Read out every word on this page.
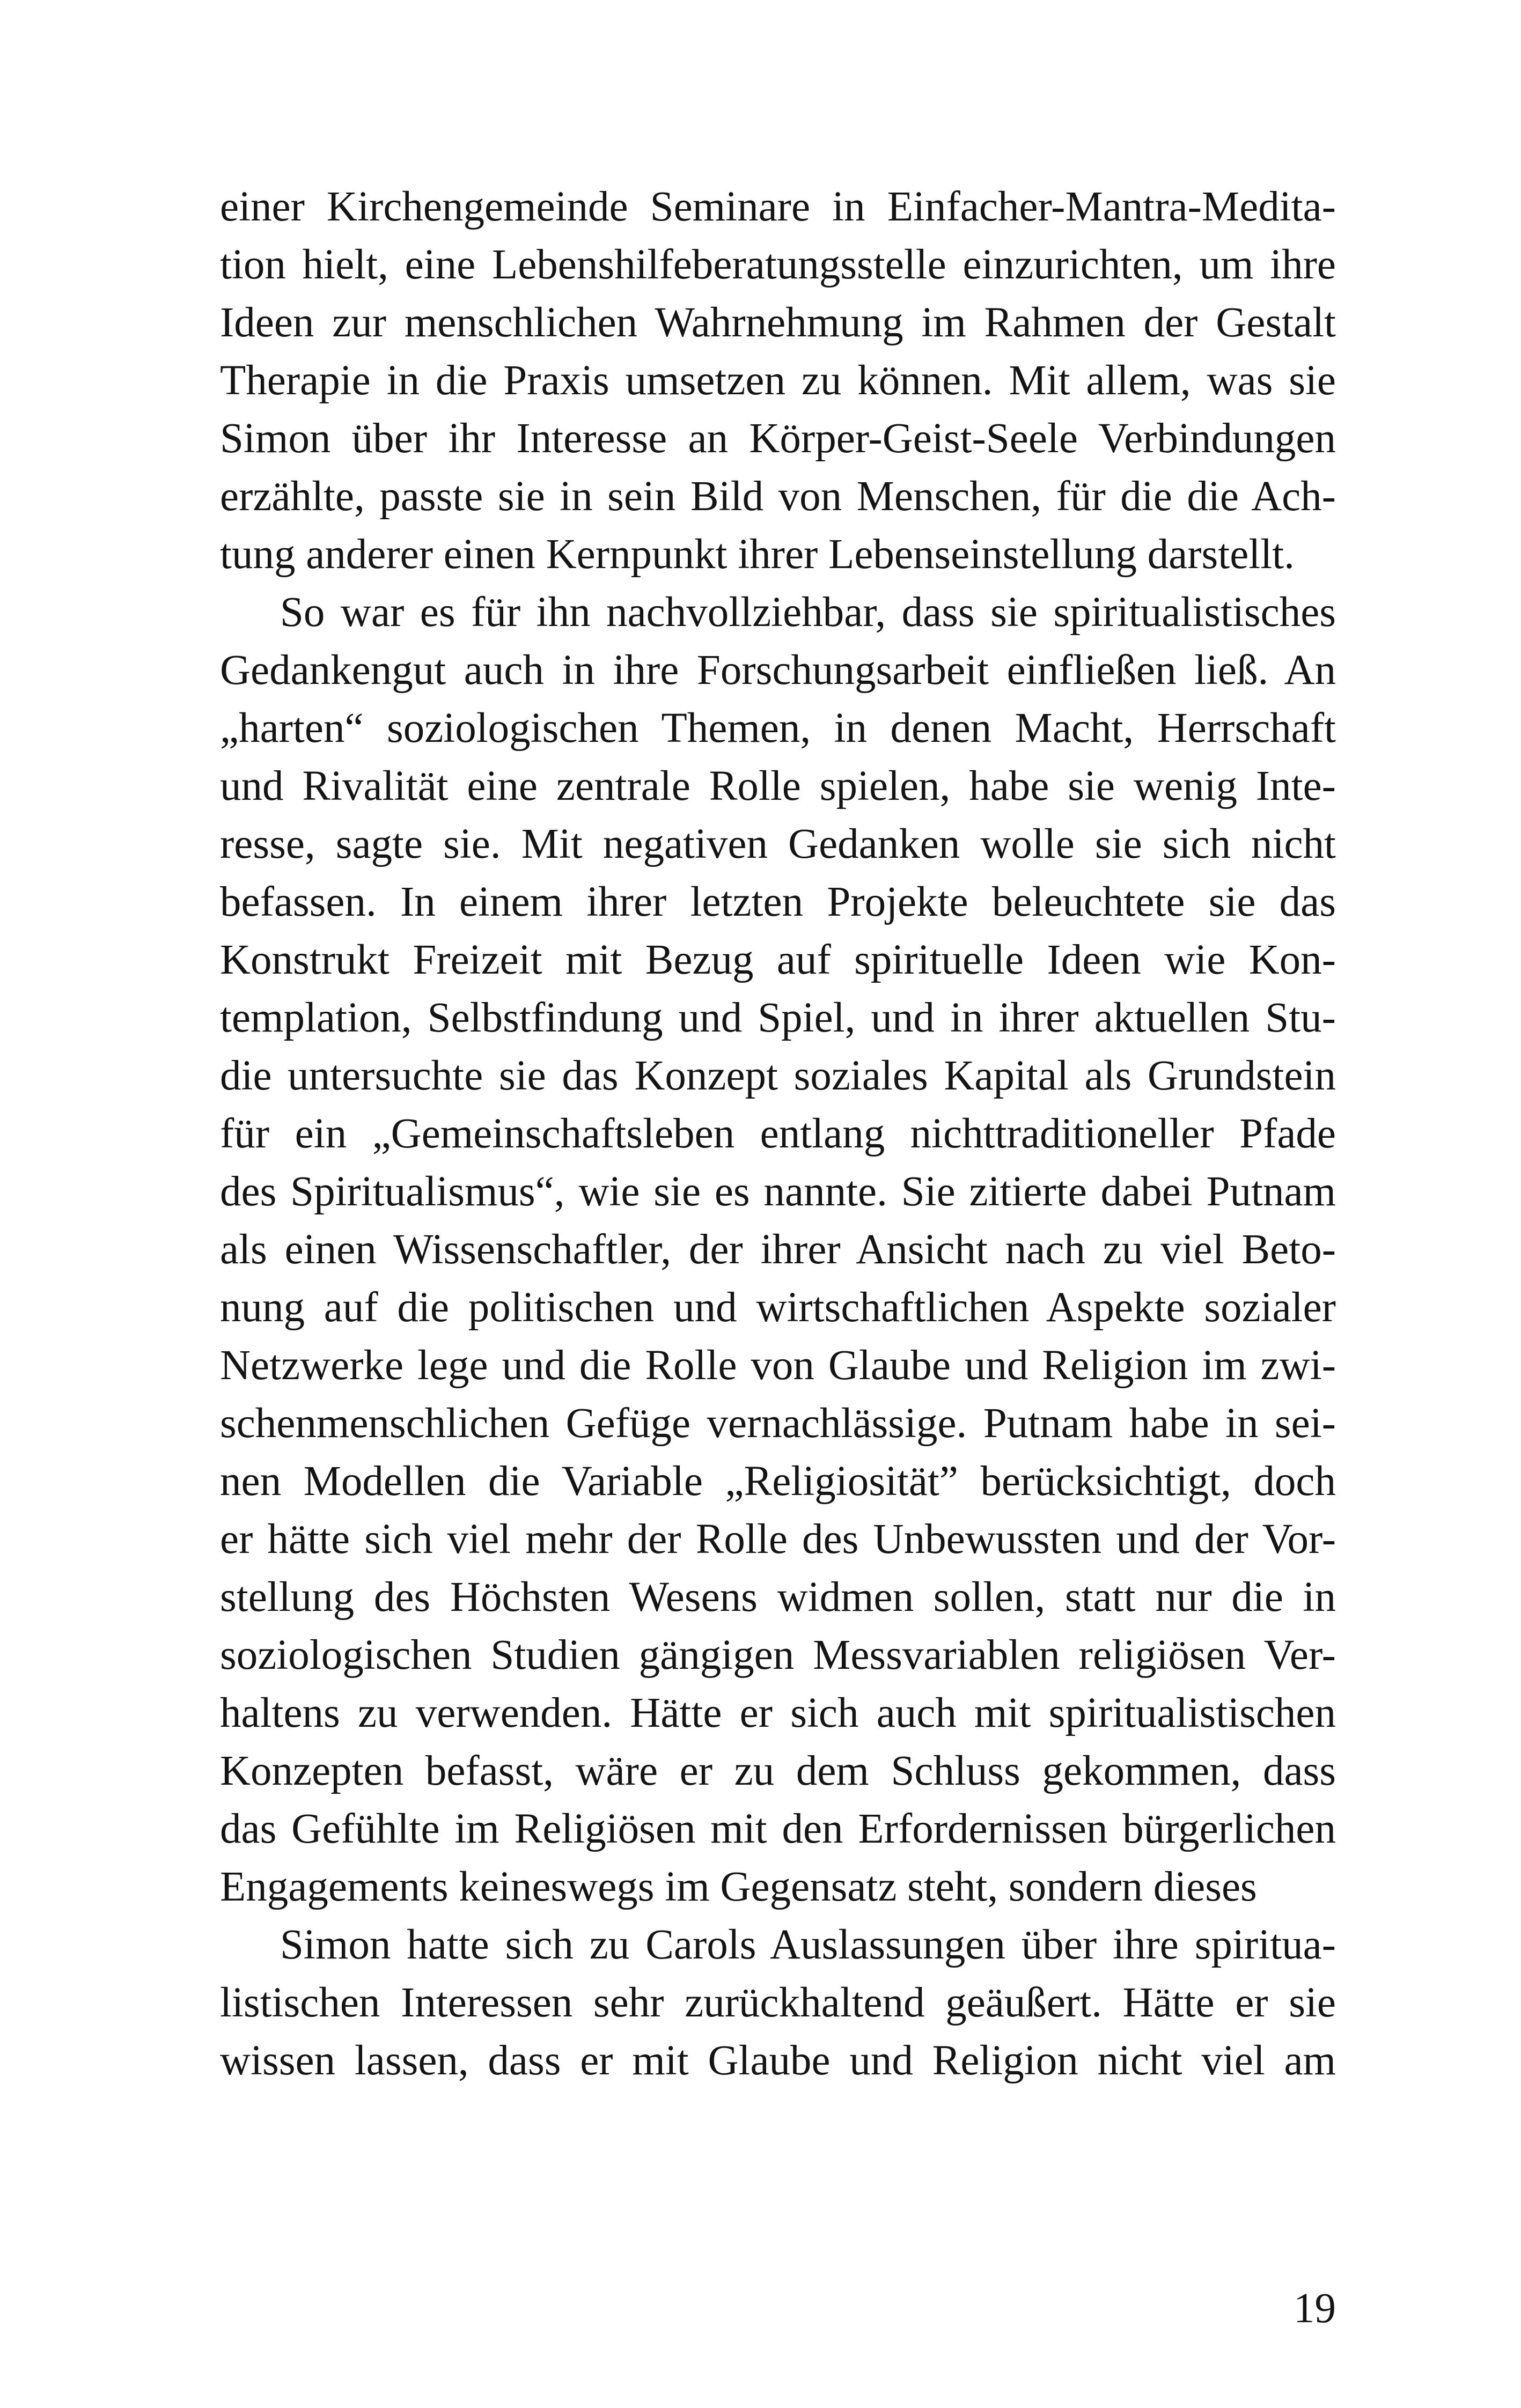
einer Kirchengemeinde Seminare in Einfacher-Mantra-Medita-
tion hielt, eine Lebenshilfeberatungsstelle einzurichten, um ihre
Ideen zur menschlichen Wahrnehmung im Rahmen der Gestalt
Therapie in die Praxis umsetzen zu können. Mit allem, was sie
Simon über ihr Interesse an Körper-Geist-Seele Verbindungen
erzählte, passte sie in sein Bild von Menschen, für die die Ach-
tung anderer einen Kernpunkt ihrer Lebenseinstellung darstellt.
So war es für ihn nachvollziehbar, dass sie spiritualistisches
Gedankengut auch in ihre Forschungsarbeit einfließen ließ. An
„harten“ soziologischen Themen, in denen Macht, Herrschaft
und Rivalität eine zentrale Rolle spielen, habe sie wenig Inte-
resse, sagte sie. Mit negativen Gedanken wolle sie sich nicht
befassen. In einem ihrer letzten Projekte beleuchtete sie das
Konstrukt Freizeit mit Bezug auf spirituelle Ideen wie Kon-
templation, Selbstfindung und Spiel, und in ihrer aktuellen Stu-
die untersuchte sie das Konzept soziales Kapital als Grundstein
für ein „Gemeinschaftsleben entlang nichttraditioneller Pfade
des Spiritualismus“, wie sie es nannte. Sie zitierte dabei Putnam
als einen Wissenschaftler, der ihrer Ansicht nach zu viel Beto-
nung auf die politischen und wirtschaftlichen Aspekte sozialer
Netzwerke lege und die Rolle von Glaube und Religion im zwi-
schenmenschlichen Gefüge vernachlässige. Putnam habe in sei-
nen Modellen die Variable „Religiosität” berücksichtigt, doch
er hätte sich viel mehr der Rolle des Unbewussten und der Vor-
stellung des Höchsten Wesens widmen sollen, statt nur die in
soziologischen Studien gängigen Messvariablen religiösen Ver-
haltens zu verwenden. Hätte er sich auch mit spiritualistischen
Konzepten befasst, wäre er zu dem Schluss gekommen, dass
das Gefühlte im Religiösen mit den Erfordernissen bürgerlichen
Engagements keineswegs im Gegensatz steht, sondern dieses
Simon hatte sich zu Carols Auslassungen über ihre spiritua-
listischen Interessen sehr zurückhaltend geäußert. Hätte er sie
wissen lassen, dass er mit Glaube und Religion nicht viel am
19
